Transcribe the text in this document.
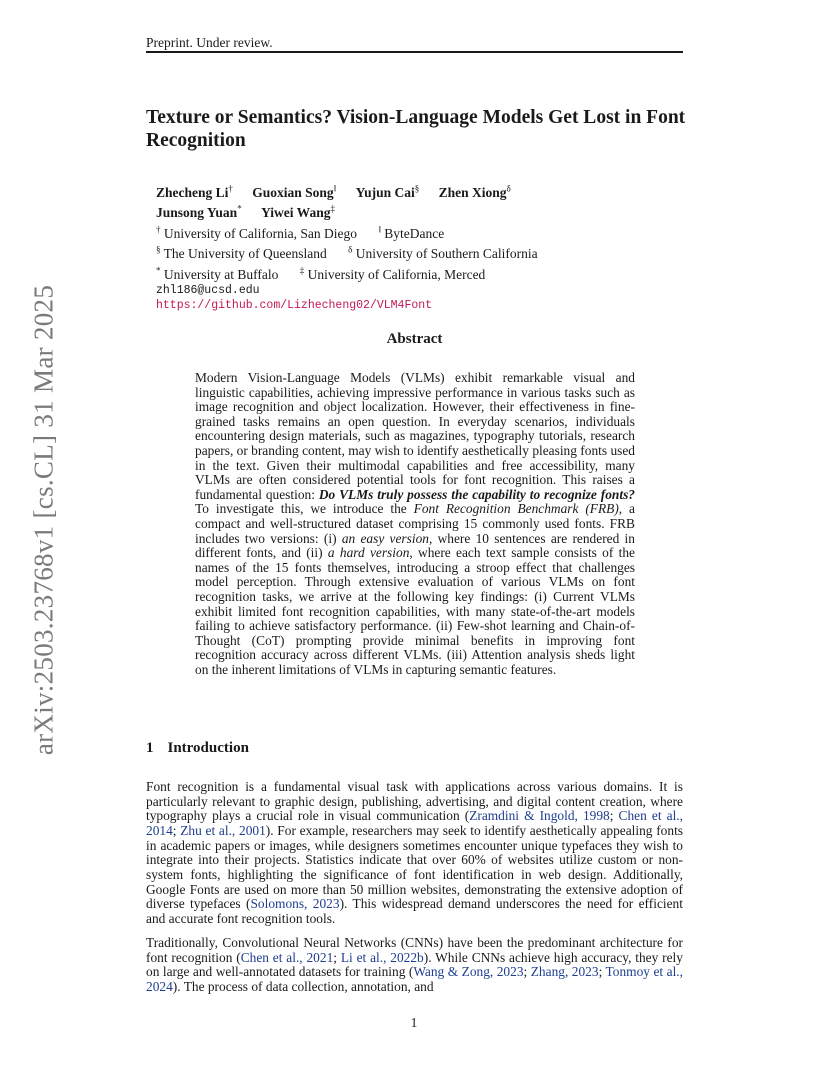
Preprint. Under review.
arXiv:2503.23768v1 [cs.CL] 31 Mar 2025
Texture or Semantics? Vision-Language Models Get Lost in Font Recognition
Zhecheng Li† Guoxian Song‖ Yujun Cai§ Zhen Xiong$^\delta$
Junsong Yuan* Yiwei Wang‡
† University of California, San Diego ‖ ByteDance
§ The University of Queensland $^\delta$ University of Southern California
* University at Buffalo ‡ University of California, Merced
zhl186@ucsd.edu
https://github.com/Lizhecheng02/VLM4Font
Abstract

Modern Vision-Language Models (VLMs) exhibit remarkable visual and linguistic capabilities, achieving impressive performance in various tasks such as image recognition and object localization. However, their effectiveness in fine-grained tasks remains an open question. In everyday scenarios, individuals encountering design materials, such as magazines, typography tutorials, research papers, or branding content, may wish to identify aesthetically pleasing fonts used in the text. Given their multimodal capabilities and free accessibility, many VLMs are often considered potential tools for font recognition. This raises a fundamental question: Do VLMs truly possess the capability to recognize fonts? To investigate this, we introduce the Font Recognition Benchmark (FRB), a compact and well-structured dataset comprising 15 commonly used fonts. FRB includes two versions: (i) an easy version, where 10 sentences are rendered in different fonts, and (ii) a hard version, where each text sample consists of the names of the 15 fonts themselves, introducing a stroop effect that challenges model perception. Through extensive evaluation of various VLMs on font recognition tasks, we arrive at the following key findings: (i) Current VLMs exhibit limited font recognition capabilities, with many state-of-the-art models failing to achieve satisfactory performance. (ii) Few-shot learning and Chain-of-Thought (CoT) prompting provide minimal benefits in improving font recognition accuracy across different VLMs. (iii) Attention analysis sheds light on the inherent limitations of VLMs in capturing semantic features.

1 Introduction

Font recognition is a fundamental visual task with applications across various domains. It is particularly relevant to graphic design, publishing, advertising, and digital content creation, where typography plays a crucial role in visual communication (Zramdini & Ingold, 1998; Chen et al., 2014; Zhu et al., 2001). For example, researchers may seek to identify aesthetically appealing fonts in academic papers or images, while designers sometimes encounter unique typefaces they wish to integrate into their projects. Statistics indicate that over 60% of websites utilize custom or non-system fonts, highlighting the significance of font identification in web design. Additionally, Google Fonts are used on more than 50 million websites, demonstrating the extensive adoption of diverse typefaces (Solomons, 2023). This widespread demand underscores the need for efficient and accurate font recognition tools.

Traditionally, Convolutional Neural Networks (CNNs) have been the predominant architecture for font recognition (Chen et al., 2021; Li et al., 2022b). While CNNs achieve high accuracy, they rely on large and well-annotated datasets for training (Wang & Zong, 2023; Zhang, 2023; Tonmoy et al., 2024). The process of data collection, annotation, and

1
